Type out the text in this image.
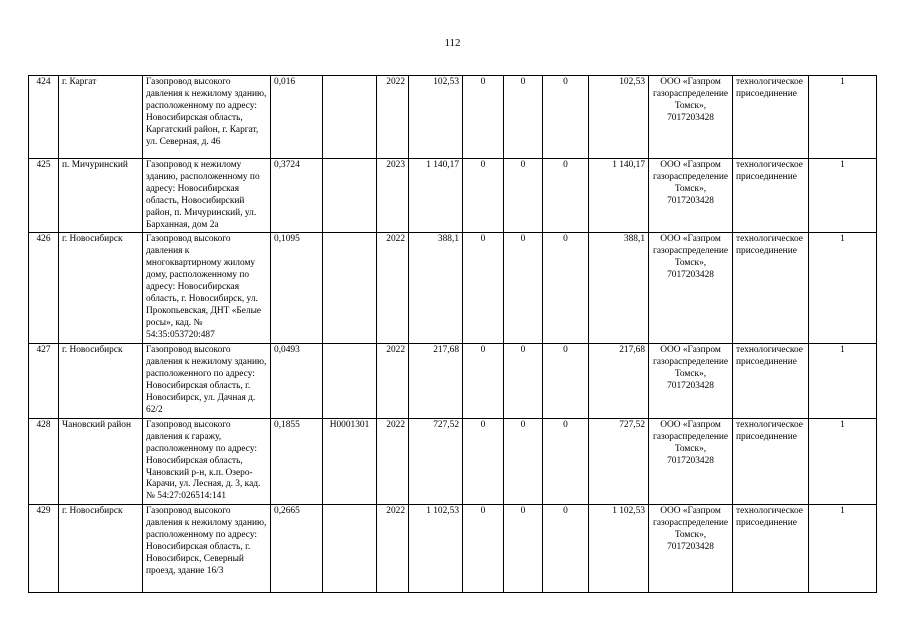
112
424	г. Каргат	Газопровод высокого давления к нежилому зданию, расположенному по адресу: Новосибирская область, Каргатский район, г. Каргат, ул. Северная, д. 46	0,016		2022	102,53	0	0	0	102,53	ООО «Газпром газораспределение Томск», 7017203428	технологическое присоединение	1
425	п. Мичуринский	Газопровод к нежилому зданию, расположенному по адресу: Новосибирская область, Новосибирский район, п. Мичуринский, ул. Барханная, дом 2а	0,3724		2023	1 140,17	0	0	0	1 140,17	ООО «Газпром газораспределение Томск», 7017203428	технологическое присоединение	1
426	г. Новосибирск	Газопровод высокого давления к многоквартирному жилому дому, расположенному по адресу: Новосибирская область, г. Новосибирск, ул. Прокопьевская, ДНТ «Белые росы», кад. № 54:35:053720:487	0,1095		2022	388,1	0	0	0	388,1	ООО «Газпром газораспределение Томск», 7017203428	технологическое присоединение	1
427	г. Новосибирск	Газопровод высокого давления к нежилому зданию, расположенного по адресу: Новосибирская область, г. Новосибирск, ул. Дачная д. 62/2	0,0493		2022	217,68	0	0	0	217,68	ООО «Газпром газораспределение Томск», 7017203428	технологическое присоединение	1
428	Чановский район	Газопровод высокого давления к гаражу, расположенному по адресу: Новосибирская область, Чановский р-н, к.п. Озеро-Карачи, ул. Лесная, д. 3, кад. № 54:27:026514:141	0,1855	Н0001301	2022	727,52	0	0	0	727,52	ООО «Газпром газораспределение Томск», 7017203428	технологическое присоединение	1
429	г. Новосибирск	Газопровод высокого давления к нежилому зданию, расположенному по адресу: Новосибирская область, г. Новосибирск, Северный проезд, здание 16/3	0,2665		2022	1 102,53	0	0	0	1 102,53	ООО «Газпром газораспределение Томск», 7017203428	технологическое присоединение	1
